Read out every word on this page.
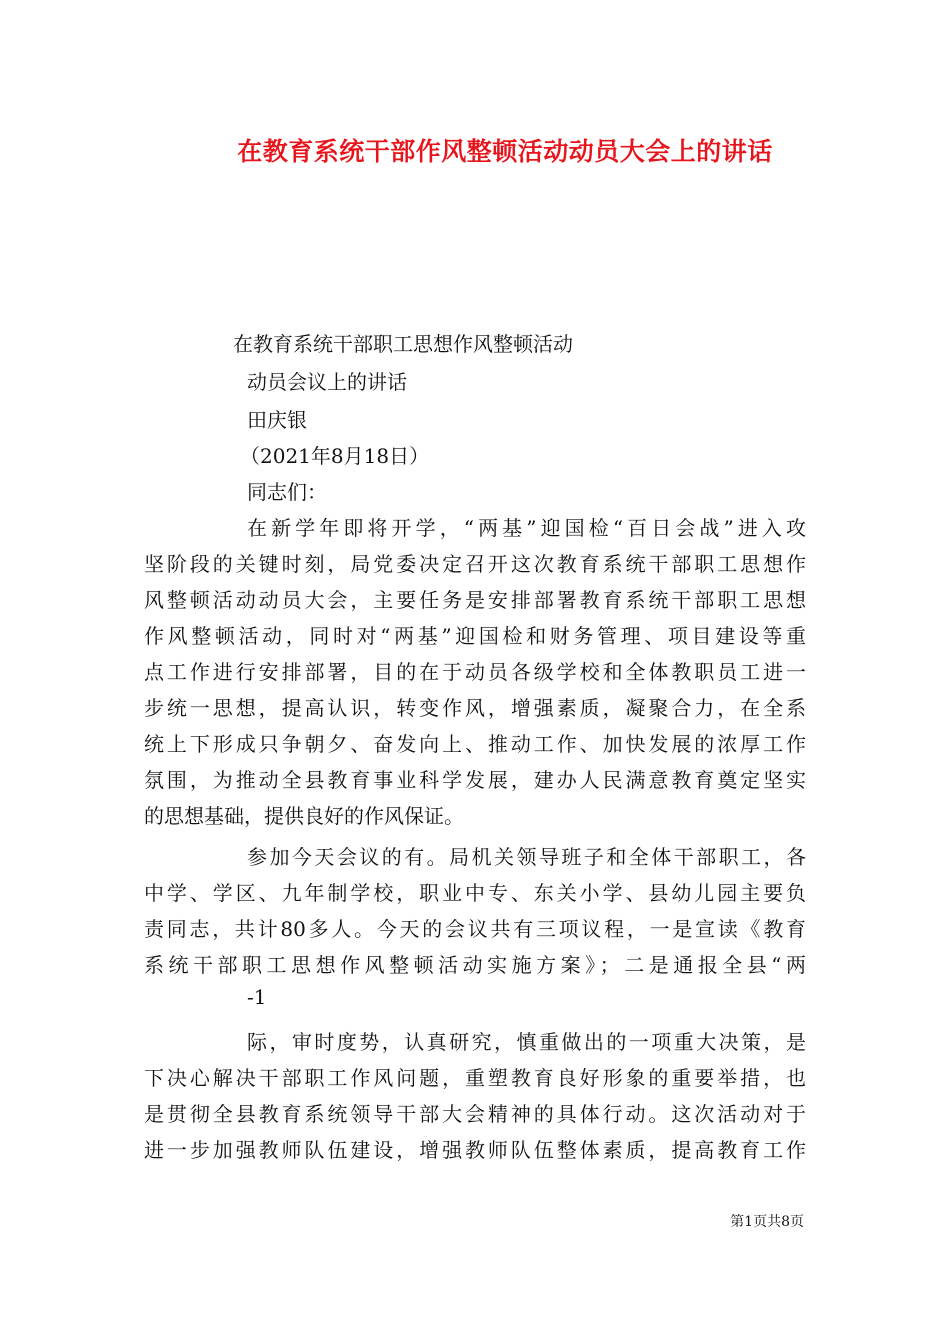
在教育系统干部作风整顿活动动员大会上的讲话
在教育系统干部职工思想作风整顿活动
动员会议上的讲话
田庆银
（2021年8月18日）
同志们：
在新学年即将开学，“两基”迎国检“百日会战”进入攻
坚阶段的关键时刻，局党委决定召开这次教育系统干部职工思想作
风整顿活动动员大会，主要任务是安排部署教育系统干部职工思想
作风整顿活动，同时对“两基”迎国检和财务管理、项目建设等重
点工作进行安排部署，目的在于动员各级学校和全体教职员工进一
步统一思想，提高认识，转变作风，增强素质，凝聚合力，在全系
统上下形成只争朝夕、奋发向上、推动工作、加快发展的浓厚工作
氛围，为推动全县教育事业科学发展，建办人民满意教育奠定坚实
的思想基础，提供良好的作风保证。
参加今天会议的有。局机关领导班子和全体干部职工，各
中学、学区、九年制学校，职业中专、东关小学、县幼儿园主要负
责同志，共计80多人。今天的会议共有三项议程，一是宣读《教育
系统干部职工思想作风整顿活动实施方案》；二是通报全县“两
-1
际，审时度势，认真研究，慎重做出的一项重大决策，是
下决心解决干部职工作风问题，重塑教育良好形象的重要举措，也
是贯彻全县教育系统领导干部大会精神的具体行动。这次活动对于
进一步加强教师队伍建设，增强教师队伍整体素质，提高教育工作
第1页共8页
